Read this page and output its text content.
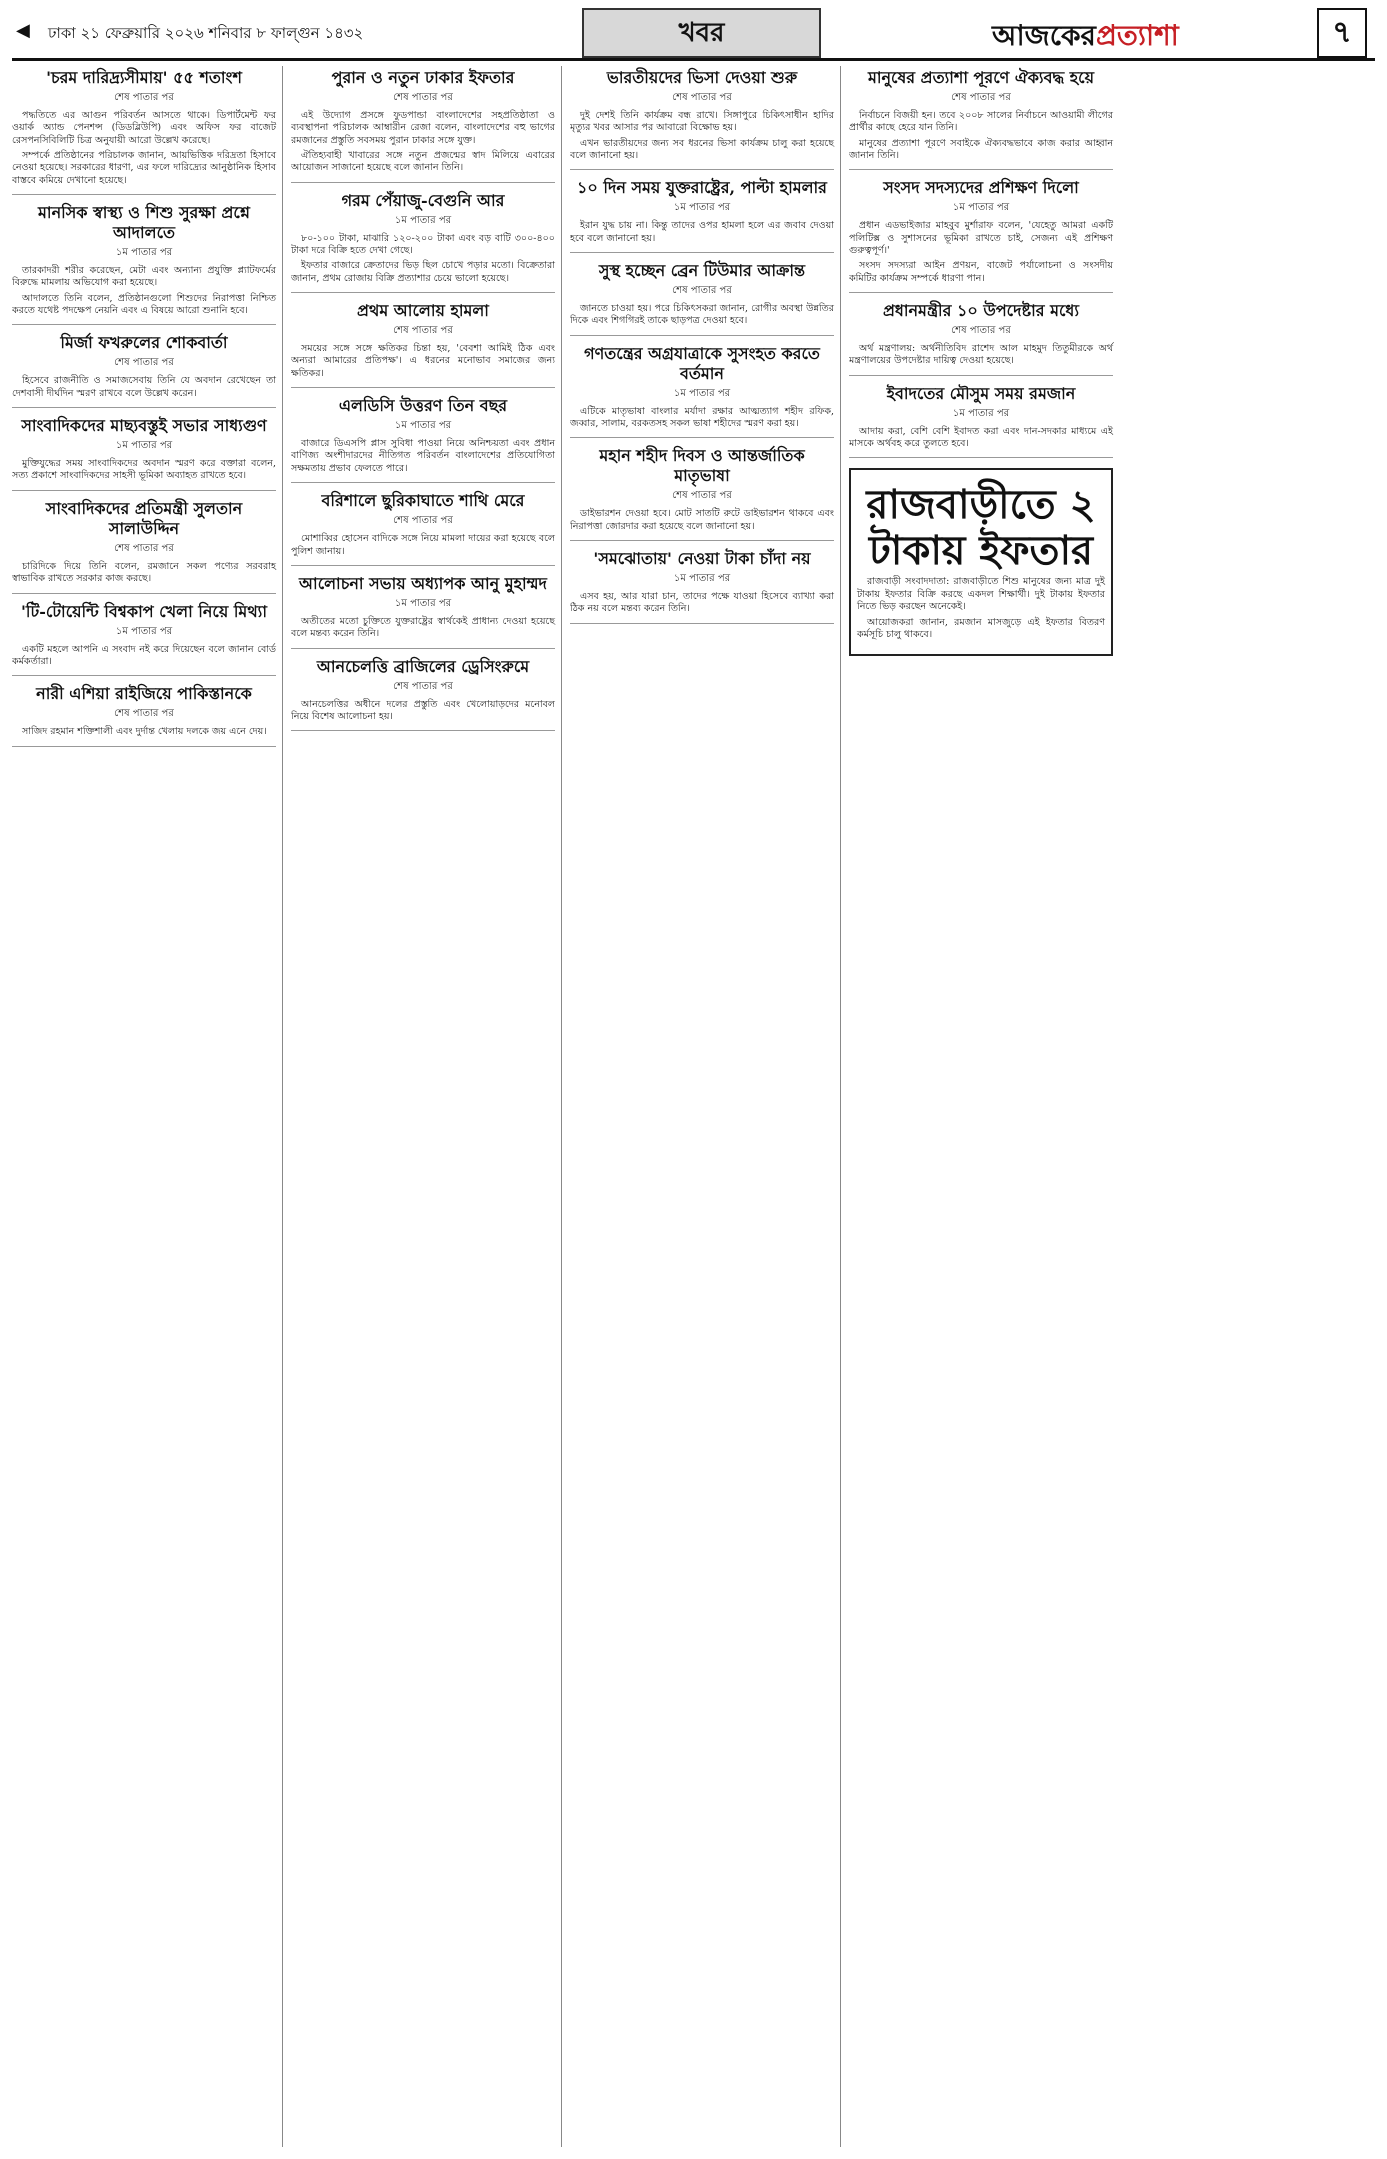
◀ ঢাকা ২১ ফেব্রুয়ারি ২০২৬ শনিবার ৮ ফাল্গুন ১৪৩২	খবর	আজকেরপ্রত্যাশা	৭
'চরম দারিদ্র্যসীমায়' ৫৫ শতাংশ
শেষ পাতার পর

পদ্ধতিতে এর আগুন পরিবর্তন আসতে থাকে। ডিপার্টমেন্ট ফর ওয়ার্ক অ্যান্ড পেনশন্স (ডিডব্লিউপি) এবং অফিস ফর বাজেট রেসপনসিবিলিটি চিত্র অনুযায়ী আরো উল্লেখ করেছে।

সম্পর্কে প্রতিষ্ঠানের পরিচালক জানান, আয়ভিত্তিক দরিদ্রতা হিসাবে নেওয়া হয়েছে। সরকারের ধারণা, এর ফলে দারিদ্র্যের আনুষ্ঠানিক হিসাব বাস্তবে কমিয়ে দেখানো হয়েছে।

মানসিক স্বাস্থ্য ও শিশু সুরক্ষা প্রশ্নে আদালতে
১ম পাতার পর

তারকাদরী শরীর করেছেন, মেটা এবং অন্যান্য প্রযুক্তি প্ল্যাটফর্মের বিরুদ্ধে মামলায় অভিযোগ করা হয়েছে।

আদালতে তিনি বলেন, প্রতিষ্ঠানগুলো শিশুদের নিরাপত্তা নিশ্চিত করতে যথেষ্ট পদক্ষেপ নেয়নি এবং এ বিষয়ে আরো শুনানি হবে।

মির্জা ফখরুলের শোকবার্তা
শেষ পাতার পর

হিসেবে রাজনীতি ও সমাজসেবায় তিনি যে অবদান রেখেছেন তা দেশবাসী দীর্ঘদিন স্মরণ রাখবে বলে উল্লেখ করেন।

সাংবাদিকদের মাছ্যবস্তুই সভার সাধ্যগুণ
১ম পাতার পর

মুক্তিযুদ্ধের সময় সাংবাদিকদের অবদান স্মরণ করে বক্তারা বলেন, সত্য প্রকাশে সাংবাদিকদের সাহসী ভূমিকা অব্যাহত রাখতে হবে।

সাংবাদিকদের প্রতিমন্ত্রী সুলতান সালাউদ্দিন
শেষ পাতার পর

চারিদিকে দিয়ে তিনি বলেন, রমজানে সকল পণ্যের সরবরাহ স্বাভাবিক রাখতে সরকার কাজ করছে।

'টি-টোয়েন্টি বিশ্বকাপ খেলা নিয়ে মিথ্যা
১ম পাতার পর

একটি মহলে আপনি এ সংবাদ নই করে দিয়েছেন বলে জানান বোর্ড কর্মকর্তারা।

নারী এশিয়া রাইজিয়ে পাকিস্তানকে
শেষ পাতার পর

সাজিদ রহমান শক্তিশালী এবং দুর্দান্ত খেলায় দলকে জয় এনে দেয়।

পুরান ও নতুন ঢাকার ইফতার
শেষ পাতার পর

এই উদ্যোগ প্রসঙ্গে ফুডপান্ডা বাংলাদেশের সহপ্রতিষ্ঠাতা ও ব্যবস্থাপনা পরিচালক আম্বারীন রেজা বলেন, বাংলাদেশের বহু ভাগের রমজানের প্রস্তুতি সবসময় পুরান ঢাকার সঙ্গে যুক্ত।

ঐতিহ্যবাহী খাবারের সঙ্গে নতুন প্রজন্মের স্বাদ মিলিয়ে এবারের আয়োজন সাজানো হয়েছে বলে জানান তিনি।

গরম পেঁয়াজু-বেগুনি আর
১ম পাতার পর

৮০-১০০ টাকা, মাঝারি ১২০-২০০ টাকা এবং বড় বাটি ৩০০-৪০০ টাকা দরে বিক্রি হতে দেখা গেছে।

ইফতার বাজারে ক্রেতাদের ভিড় ছিল চোখে পড়ার মতো। বিক্রেতারা জানান, প্রথম রোজায় বিক্রি প্রত্যাশার চেয়ে ভালো হয়েছে।

প্রথম আলোয় হামলা
শেষ পাতার পর

সময়ের সঙ্গে সঙ্গে ক্ষতিকর চিন্তা হয়, 'বেবশা আমিই ঠিক এবং অন্যরা আমারের প্রতিপক্ষ'। এ ধরনের মনোভাব সমাজের জন্য ক্ষতিকর।

এলডিসি উত্তরণ তিন বছর
১ম পাতার পর

বাজারে ডিএসপি প্লাস সুবিধা পাওয়া নিয়ে অনিশ্চয়তা এবং প্রধান বাণিজ্য অংশীদারদের নীতিগত পরিবর্তন বাংলাদেশের প্রতিযোগিতা সক্ষমতায় প্রভাব ফেলতে পারে।

বরিশালে ছুরিকাঘাতে শাথি মেরে
শেষ পাতার পর

মোশাব্বির হোসেন বাদিকে সঙ্গে নিয়ে মামলা দায়ের করা হয়েছে বলে পুলিশ জানায়।

আলোচনা সভায় অধ্যাপক আনু মুহাম্মদ
১ম পাতার পর

অতীতের মতো চুক্তিতে যুক্তরাষ্ট্রের স্বার্থকেই প্রাধান্য দেওয়া হয়েছে বলে মন্তব্য করেন তিনি।

আনচেলত্তি ব্রাজিলের ড্রেসিংরুমে
শেষ পাতার পর

আনচেলত্তির অধীনে দলের প্রস্তুতি এবং খেলোয়াড়দের মনোবল নিয়ে বিশেষ আলোচনা হয়।

ভারতীয়দের ভিসা দেওয়া শুরু
শেষ পাতার পর

দুই দেশই তিনি কার্যক্রম বন্ধ রাখে। সিঙ্গাপুরে চিকিৎসাধীন হাদির মৃত্যুর খবর আসার পর আবারো বিক্ষোভ হয়।

এখন ভারতীয়দের জন্য সব ধরনের ভিসা কার্যক্রম চালু করা হয়েছে বলে জানানো হয়।

১০ দিন সময় যুক্তরাষ্ট্রের, পাল্টা হামলার
১ম পাতার পর

ইরান যুদ্ধ চায় না। কিন্তু তাদের ওপর হামলা হলে এর জবাব দেওয়া হবে বলে জানানো হয়।

সুস্থ হচ্ছেন ব্রেন টিউমার আক্রান্ত
শেষ পাতার পর

জানতে চাওয়া হয়। পরে চিকিৎসকরা জানান, রোগীর অবস্থা উন্নতির দিকে এবং শিগগিরই তাকে ছাড়পত্র দেওয়া হবে।

গণতন্ত্রের অগ্রযাত্রাকে সুসংহত করতে বর্তমান
১ম পাতার পর

এটিকে মাতৃভাষা বাংলার মর্যাদা রক্ষার আত্মত্যাগ শহীদ রফিক, জব্বার, সালাম, বরকতসহ সকল ভাষা শহীদের স্মরণ করা হয়।

মহান শহীদ দিবস ও আন্তর্জাতিক মাতৃভাষা
শেষ পাতার পর

ডাইভারশন দেওয়া হবে। মোট সাতটি রুটে ডাইভারশন থাকবে এবং নিরাপত্তা জোরদার করা হয়েছে বলে জানানো হয়।

'সমঝোতায়' নেওয়া টাকা চাঁদা নয়
১ম পাতার পর

এসব হয়, আর যারা চান, তাদের পক্ষে যাওয়া হিসেবে ব্যাখ্যা করা ঠিক নয় বলে মন্তব্য করেন তিনি।

মানুষের প্রত্যাশা পূরণে ঐক্যবদ্ধ হয়ে
শেষ পাতার পর

নির্বাচনে বিজয়ী হন। তবে ২০০৮ সালের নির্বাচনে আওয়ামী লীগের প্রার্থীর কাছে হেরে যান তিনি।

মানুষের প্রত্যাশা পূরণে সবাইকে ঐক্যবদ্ধভাবে কাজ করার আহ্বান জানান তিনি।

সংসদ সদস্যদের প্রশিক্ষণ দিলো
১ম পাতার পর

প্রধান এডভাইজার মাহবুব মুর্শারাফ বলেন, 'যেহেতু আমরা একটি পলিটিক্স ও সুশাসনের ভূমিকা রাখতে চাই, সেজন্য এই প্রশিক্ষণ গুরুত্বপূর্ণ।'

সংসদ সদস্যরা আইন প্রণয়ন, বাজেট পর্যালোচনা ও সংসদীয় কমিটির কার্যক্রম সম্পর্কে ধারণা পান।

প্রধানমন্ত্রীর ১০ উপদেষ্টার মধ্যে
শেষ পাতার পর

অর্থ মন্ত্রণালয়: অর্থনীতিবিদ রাশেদ আল মাহমুদ তিতুমীরকে অর্থ মন্ত্রণালয়ের উপদেষ্টার দায়িত্ব দেওয়া হয়েছে।

ইবাদতের মৌসুম সময় রমজান
১ম পাতার পর

আদায় করা, বেশি বেশি ইবাদত করা এবং দান-সদকার মাধ্যমে এই মাসকে অর্থবহ করে তুলতে হবে।

রাজবাড়ীতে ২ টাকায় ইফতার

রাজবাড়ী সংবাদদাতা: রাজবাড়ীতে শিশু মানুষের জন্য মাত্র দুই টাকায় ইফতার বিক্রি করছে একদল শিক্ষার্থী। দুই টাকায় ইফতার নিতে ভিড় করছেন অনেকেই।

আয়োজকরা জানান, রমজান মাসজুড়ে এই ইফতার বিতরণ কর্মসূচি চালু থাকবে।
